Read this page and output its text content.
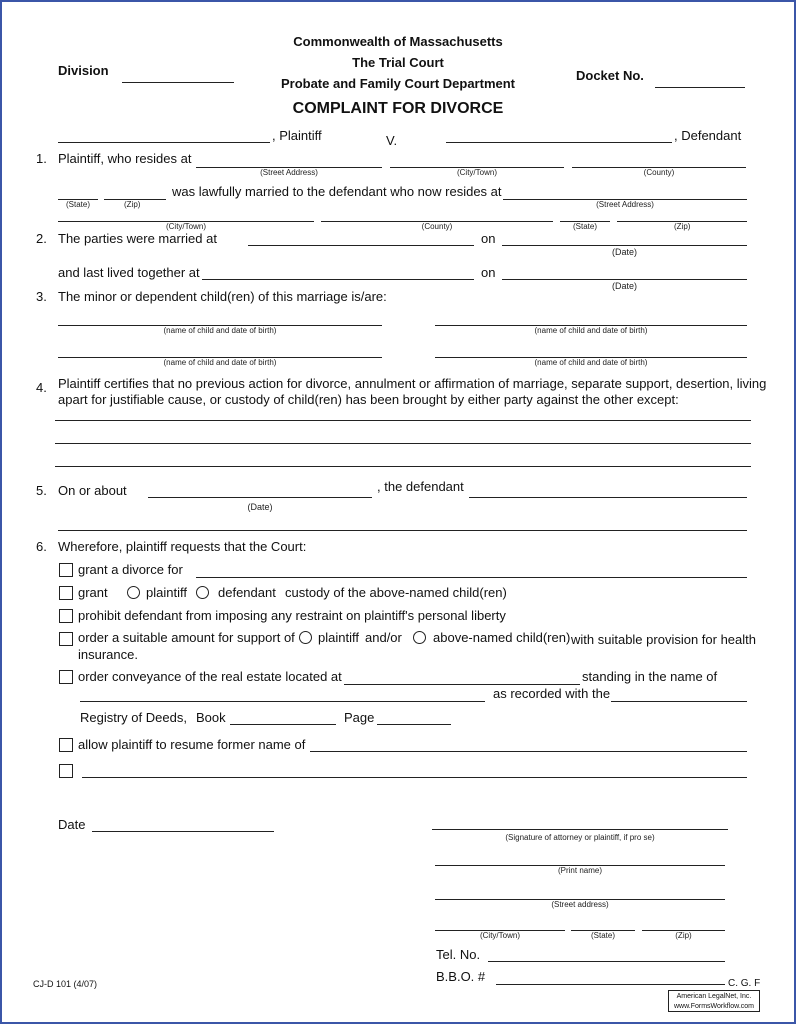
Commonwealth of Massachusetts
The Trial Court
Probate and Family Court Department
COMPLAINT FOR DIVORCE
Division	Docket No.
, Plaintiff	V.	, Defendant
1. Plaintiff, who resides at
(Street Address)	(City/Town)	(County)
(State)	(Zip)
was lawfully married to the defendant who now resides at
(Street Address)
(City/Town)	(County)	(State)	(Zip)
2. The parties were married at	on
(Date)
and last lived together at	on
(Date)
3. The minor or dependent child(ren) of this marriage is/are:
(name of child and date of birth)	(name of child and date of birth)
(name of child and date of birth)	(name of child and date of birth)
4. Plaintiff certifies that no previous action for divorce, annulment or affirmation of marriage, separate support, desertion, living
apart for justifiable cause, or custody of child(ren) has been brought by either party against the other except:
5. On or about
(Date)
, the defendant
6. Wherefore, plaintiff requests that the Court:
grant a divorce for
grant	plaintiff defendant custody of the above-named child(ren)
prohibit defendant from imposing any restraint on plaintiff's personal liberty
order a suitable amount for support of plaintiff and/or above-named child(ren) with suitable provision for health
insurance.
order conveyance of the real estate located at	standing in the name of
as recorded with the
Registry of Deeds, Book	Page
allow plaintiff to resume former name of
Date
(Signature of attorney or plaintiff, if pro se)
(Print name)
(Street address)
(City/Town)	(State)	(Zip)
Tel. No.
B.B.O. #	C. G. F
CJ-D 101 (4/07)
American LegalNet, Inc.
www.FormsWorkflow.com
